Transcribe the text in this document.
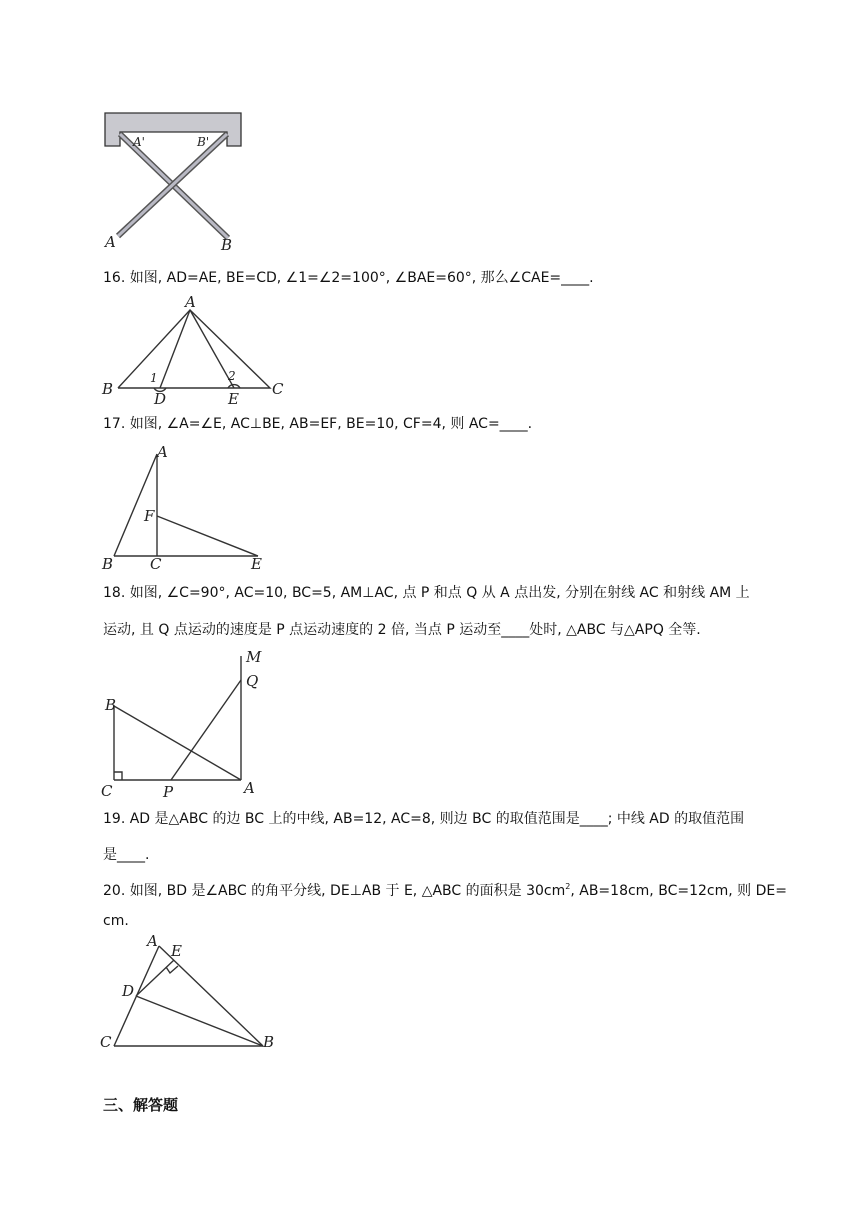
A'	B'
A	B
16. 如图, AD=AE, BE=CD, ∠1=∠2=100°, ∠BAE=60°, 那么∠CAE=____.
A
B	C
D	E
1	2
17. 如图, ∠A=∠E, AC⊥BE, AB=EF, BE=10, CF=4, 则 AC=____.
A
F
B C	E
18. 如图, ∠C=90°, AC=10, BC=5, AM⊥AC, 点 P 和点 Q 从 A 点出发, 分别在射线 AC 和射线 AM 上
运动, 且 Q 点运动的速度是 P 点运动速度的 2 倍, 当点 P 运动至____处时, △ABC 与△APQ 全等.
M
Q
B
C	P	A
19. AD 是△ABC 的边 BC 上的中线, AB=12, AC=8, 则边 BC 的取值范围是____; 中线 AD 的取值范围
是____.
20. 如图, BD 是∠ABC 的角平分线, DE⊥AB 于 E, △ABC 的面积是 $30cm^2$, AB=18cm, BC=12cm, 则 DE=
cm.
A
E
D
C	B
三、解答题
